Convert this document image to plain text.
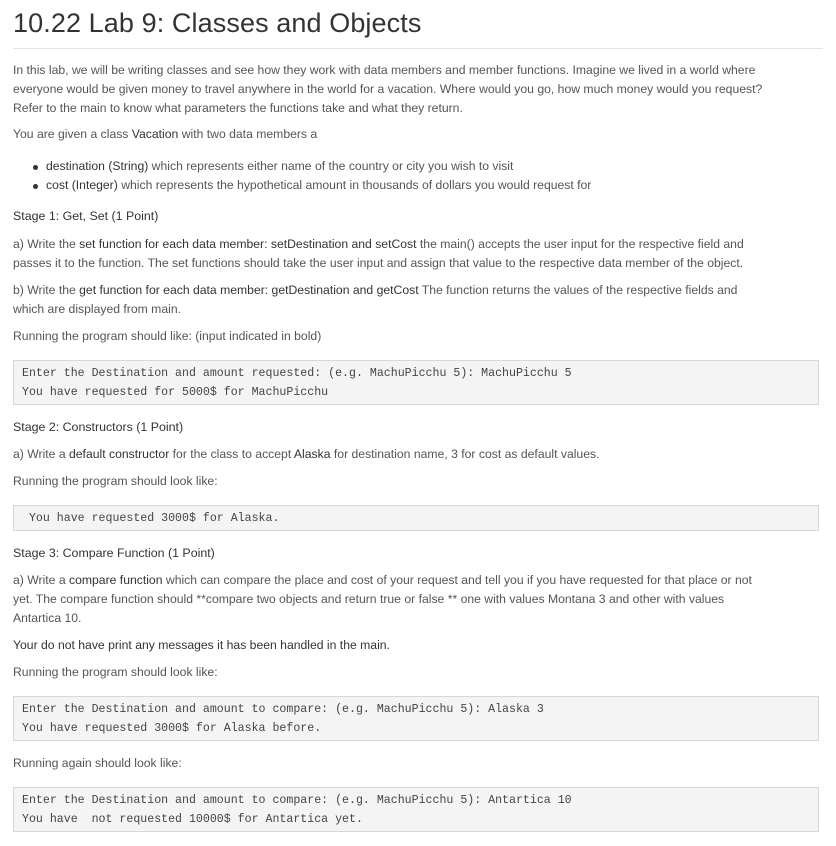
10.22 Lab 9: Classes and Objects
In this lab, we will be writing classes and see how they work with data members and member functions. Imagine we lived in a world where
everyone would be given money to travel anywhere in the world for a vacation. Where would you go, how much money would you request?
Refer to the main to know what parameters the functions take and what they return.
You are given a class Vacation with two data members a
destination (String) which represents either name of the country or city you wish to visit
cost (Integer) which represents the hypothetical amount in thousands of dollars you would request for
Stage 1: Get, Set (1 Point)
a) Write the set function for each data member: setDestination and setCost the main() accepts the user input for the respective field and
passes it to the function. The set functions should take the user input and assign that value to the respective data member of the object.
b) Write the get function for each data member: getDestination and getCost The function returns the values of the respective fields and
which are displayed from main.
Running the program should like: (input indicated in bold)
Enter the Destination and amount requested: (e.g. MachuPicchu 5): MachuPicchu 5
You have requested for 5000$ for MachuPicchu
Stage 2: Constructors (1 Point)
a) Write a default constructor for the class to accept Alaska for destination name, 3 for cost as default values.
Running the program should look like:
You have requested 3000$ for Alaska.
Stage 3: Compare Function (1 Point)
a) Write a compare function which can compare the place and cost of your request and tell you if you have requested for that place or not
yet. The compare function should **compare two objects and return true or false ** one with values Montana 3 and other with values
Antartica 10.
Your do not have print any messages it has been handled in the main.
Running the program should look like:
Enter the Destination and amount to compare: (e.g. MachuPicchu 5): Alaska 3
You have requested 3000$ for Alaska before.
Running again should look like:
Enter the Destination and amount to compare: (e.g. MachuPicchu 5): Antartica 10
You have  not requested 10000$ for Antartica yet.
